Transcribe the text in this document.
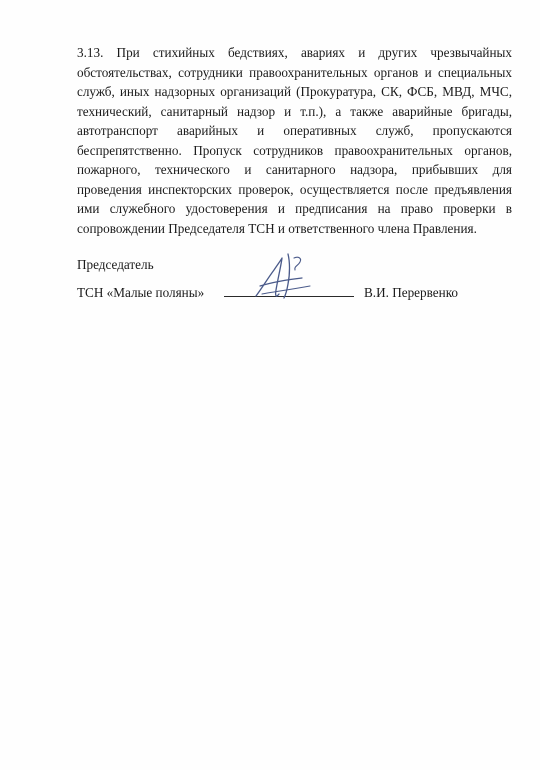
3.13. При стихийных бедствиях, авариях и других чрезвычайных обстоятельствах, сотрудники правоохранительных органов и специальных служб, иных надзорных организаций (Прокуратура, СК, ФСБ, МВД, МЧС, технический, санитарный надзор и т.п.), а также аварийные бригады, автотранспорт аварийных и оперативных служб, пропускаются беспрепятственно. Пропуск сотрудников правоохранительных органов, пожарного, технического и санитарного надзора, прибывших для проведения инспекторских проверок, осуществляется после предъявления ими служебного удостоверения и предписания на право проверки в сопровождении Председателя ТСН и ответственного члена Правления.
Председатель
ТСН «Малые поляны»	В.И. Перервенко
